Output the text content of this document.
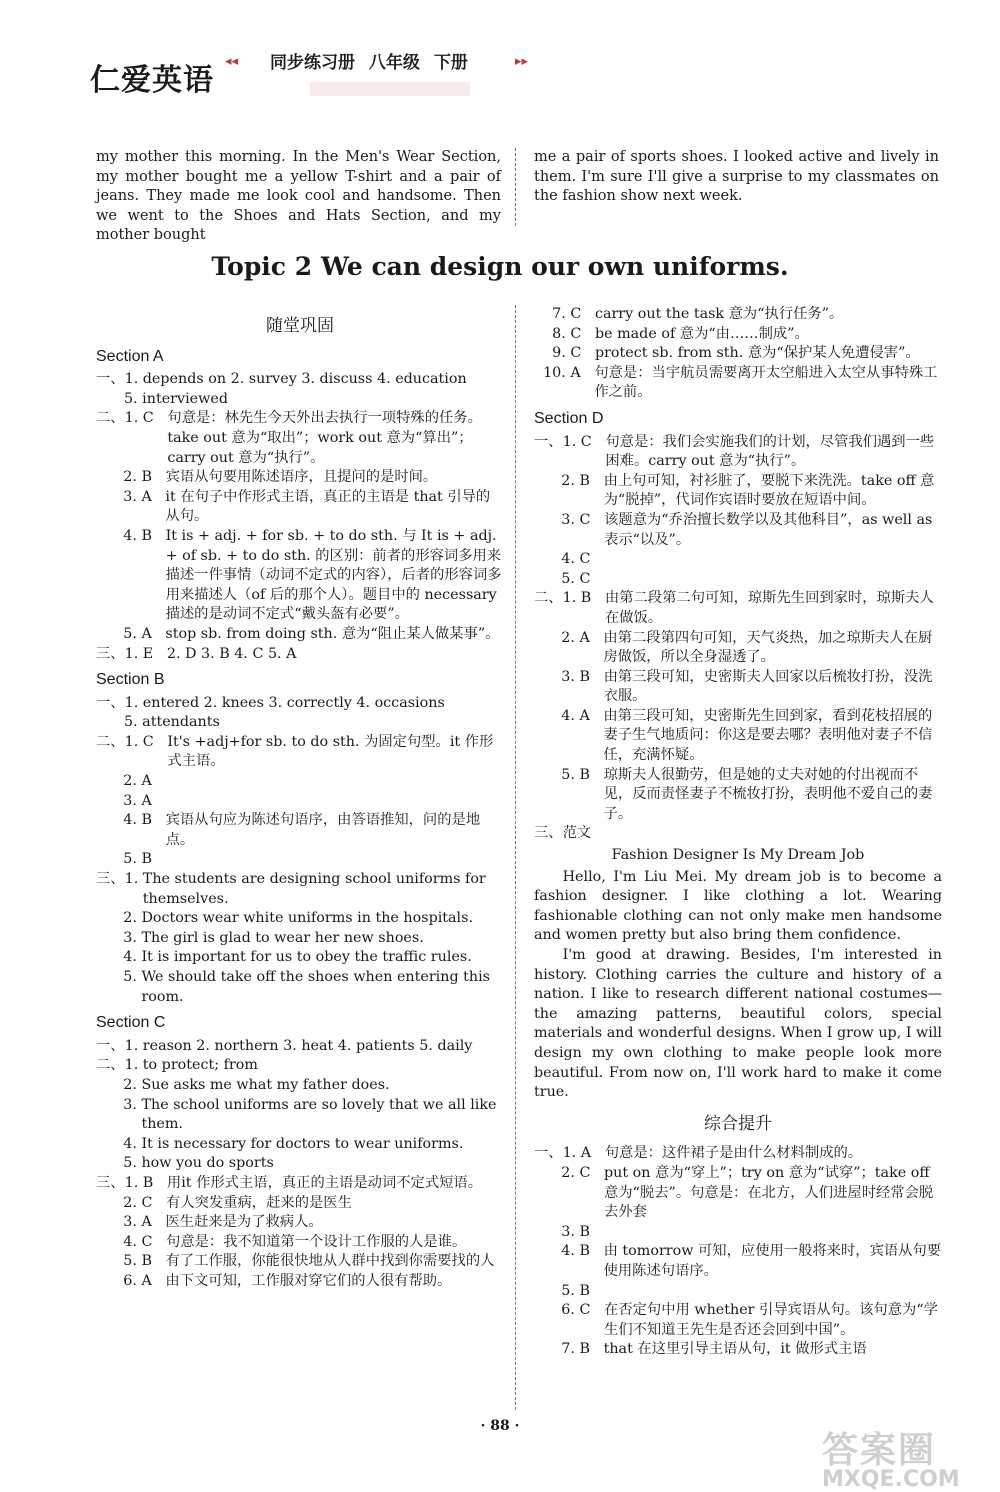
仁爱英语
◂◂ 同步练习册 八年级 下册	▸▸
my mother this morning. In the Men's Wear Section, my mother bought me a yellow T-shirt and a pair of jeans. They made me look cool and handsome. Then we went to the Shoes and Hats Section, and my mother bought
me a pair of sports shoes. I looked active and lively in them. I'm sure I'll give a surprise to my classmates on the fashion show next week.
Topic 2 We can design our own uniforms.
随堂巩固
Section A
一、1. depends on 2. survey 3. discuss 4. education
5. interviewed
二、1. C 句意是：林先生今天外出去执行一项特殊的任务。take out 意为“取出”；work out 意为“算出”；carry out 意为“执行”。
2. B 宾语从句要用陈述语序，且提问的是时间。
3. A it 在句子中作形式主语，真正的主语是 that 引导的从句。
4. B It is + adj. + for sb. + to do sth. 与 It is + adj. + of sb. + to do sth. 的区别：前者的形容词多用来描述一件事情（动词不定式的内容），后者的形容词多用来描述人（of 后的那个人）。题目中的 necessary 描述的是动词不定式“戴头盔有必要”。
5. A stop sb. from doing sth. 意为“阻止某人做某事”。
三、1. E 2. D 3. B 4. C 5. A
Section B
一、1. entered 2. knees 3. correctly 4. occasions
5. attendants
二、1. C It's +adj+for sb. to do sth. 为固定句型。it 作形式主语。
2. A
3. A
4. B 宾语从句应为陈述句语序，由答语推知，问的是地点。
5. B
三、1. The students are designing school uniforms for themselves.
2. Doctors wear white uniforms in the hospitals.
3. The girl is glad to wear her new shoes.
4. It is important for us to obey the traffic rules.
5. We should take off the shoes when entering this room.
Section C
一、1. reason 2. northern 3. heat 4. patients 5. daily
二、1. to protect; from
2. Sue asks me what my father does.
3. The school uniforms are so lovely that we all like them.
4. It is necessary for doctors to wear uniforms.
5. how you do sports
三、1. B 用it 作形式主语，真正的主语是动词不定式短语。
2. C 有人突发重病，赶来的是医生
3. A 医生赶来是为了救病人。
4. C 句意是：我不知道第一个设计工作服的人是谁。
5. B 有了工作服，你能很快地从人群中找到你需要找的人
6. A 由下文可知，工作服对穿它们的人很有帮助。
7. C carry out the task 意为“执行任务”。
8. C be made of 意为“由……制成”。
9. C protect sb. from sth. 意为“保护某人免遭侵害”。
10. A 句意是：当宇航员需要离开太空船进入太空从事特殊工作之前。
Section D
一、1. C 句意是：我们会实施我们的计划，尽管我们遇到一些困难。carry out 意为“执行”。
2. B 由上句可知，衬衫脏了，要脱下来洗洗。take off 意为“脱掉”，代词作宾语时要放在短语中间。
3. C 该题意为“乔治擅长数学以及其他科目”，as well as 表示“以及”。
4. C
5. C
二、1. B 由第二段第二句可知，琼斯先生回到家时，琼斯夫人在做饭。
2. A 由第二段第四句可知，天气炎热，加之琼斯夫人在厨房做饭，所以全身湿透了。
3. B 由第三段可知，史密斯夫人回家以后梳妆打扮，没洗衣服。
4. A 由第三段可知，史密斯先生回到家，看到花枝招展的妻子生气地质问：你这是要去哪？表明他对妻子不信任，充满怀疑。
5. B 琼斯夫人很勤劳，但是她的丈夫对她的付出视而不见，反而责怪妻子不梳妆打扮，表明他不爱自己的妻子。
三、 范文
Fashion Designer Is My Dream Job

Hello, I'm Liu Mei. My dream job is to become a fashion designer. I like clothing a lot. Wearing fashionable clothing can not only make men handsome and women pretty but also bring them confidence.

I'm good at drawing. Besides, I'm interested in history. Clothing carries the culture and history of a nation. I like to research different national costumes—the amazing patterns, beautiful colors, special materials and wonderful designs. When I grow up, I will design my own clothing to make people look more beautiful. From now on, I'll work hard to make it come true.

综合提升
一、1. A 句意是：这件裙子是由什么材料制成的。
2. C put on 意为“穿上”；try on 意为“试穿”；take off 意为“脱去”。句意是：在北方，人们进屋时经常会脱去外套
3. B
4. B 由 tomorrow 可知，应使用一般将来时，宾语从句要使用陈述句语序。
5. B
6. C 在否定句中用 whether 引导宾语从句。该句意为“学生们不知道王先生是否还会回到中国”。
7. B that 在这里引导主语从句，it 做形式主语
· 88 ·
答案圈
MXQE.COM
